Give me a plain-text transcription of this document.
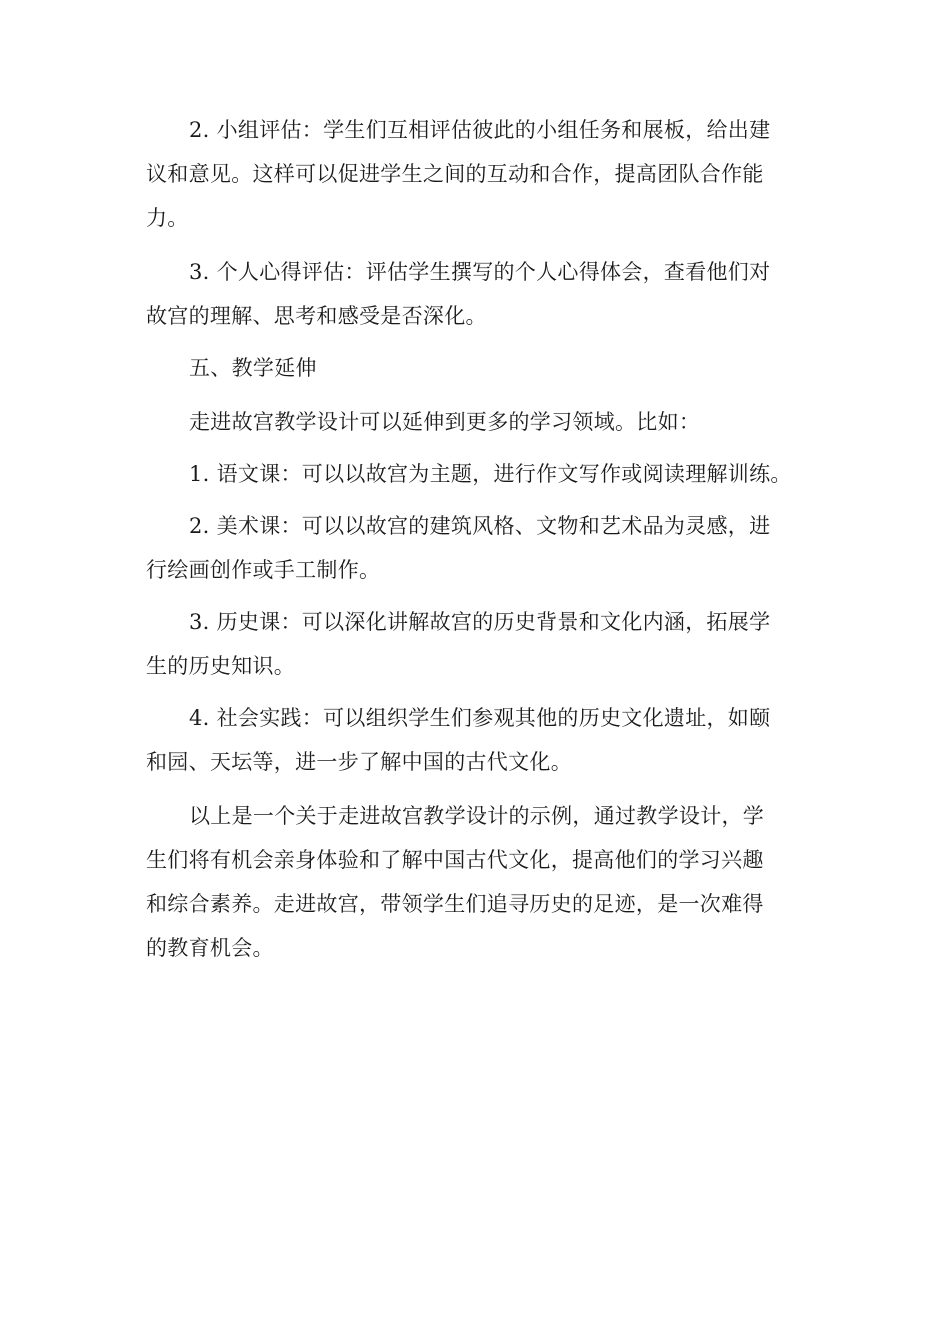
2. 小组评估：学生们互相评估彼此的小组任务和展板，给出建
议和意见。这样可以促进学生之间的互动和合作，提高团队合作能
力。
3. 个人心得评估：评估学生撰写的个人心得体会，查看他们对
故宫的理解、思考和感受是否深化。
五、教学延伸
走进故宫教学设计可以延伸到更多的学习领域。比如：
1. 语文课：可以以故宫为主题，进行作文写作或阅读理解训练。
2. 美术课：可以以故宫的建筑风格、文物和艺术品为灵感，进
行绘画创作或手工制作。
3. 历史课：可以深化讲解故宫的历史背景和文化内涵，拓展学
生的历史知识。
4. 社会实践：可以组织学生们参观其他的历史文化遗址，如颐
和园、天坛等，进一步了解中国的古代文化。
以上是一个关于走进故宫教学设计的示例，通过教学设计，学
生们将有机会亲身体验和了解中国古代文化，提高他们的学习兴趣
和综合素养。走进故宫，带领学生们追寻历史的足迹，是一次难得
的教育机会。
